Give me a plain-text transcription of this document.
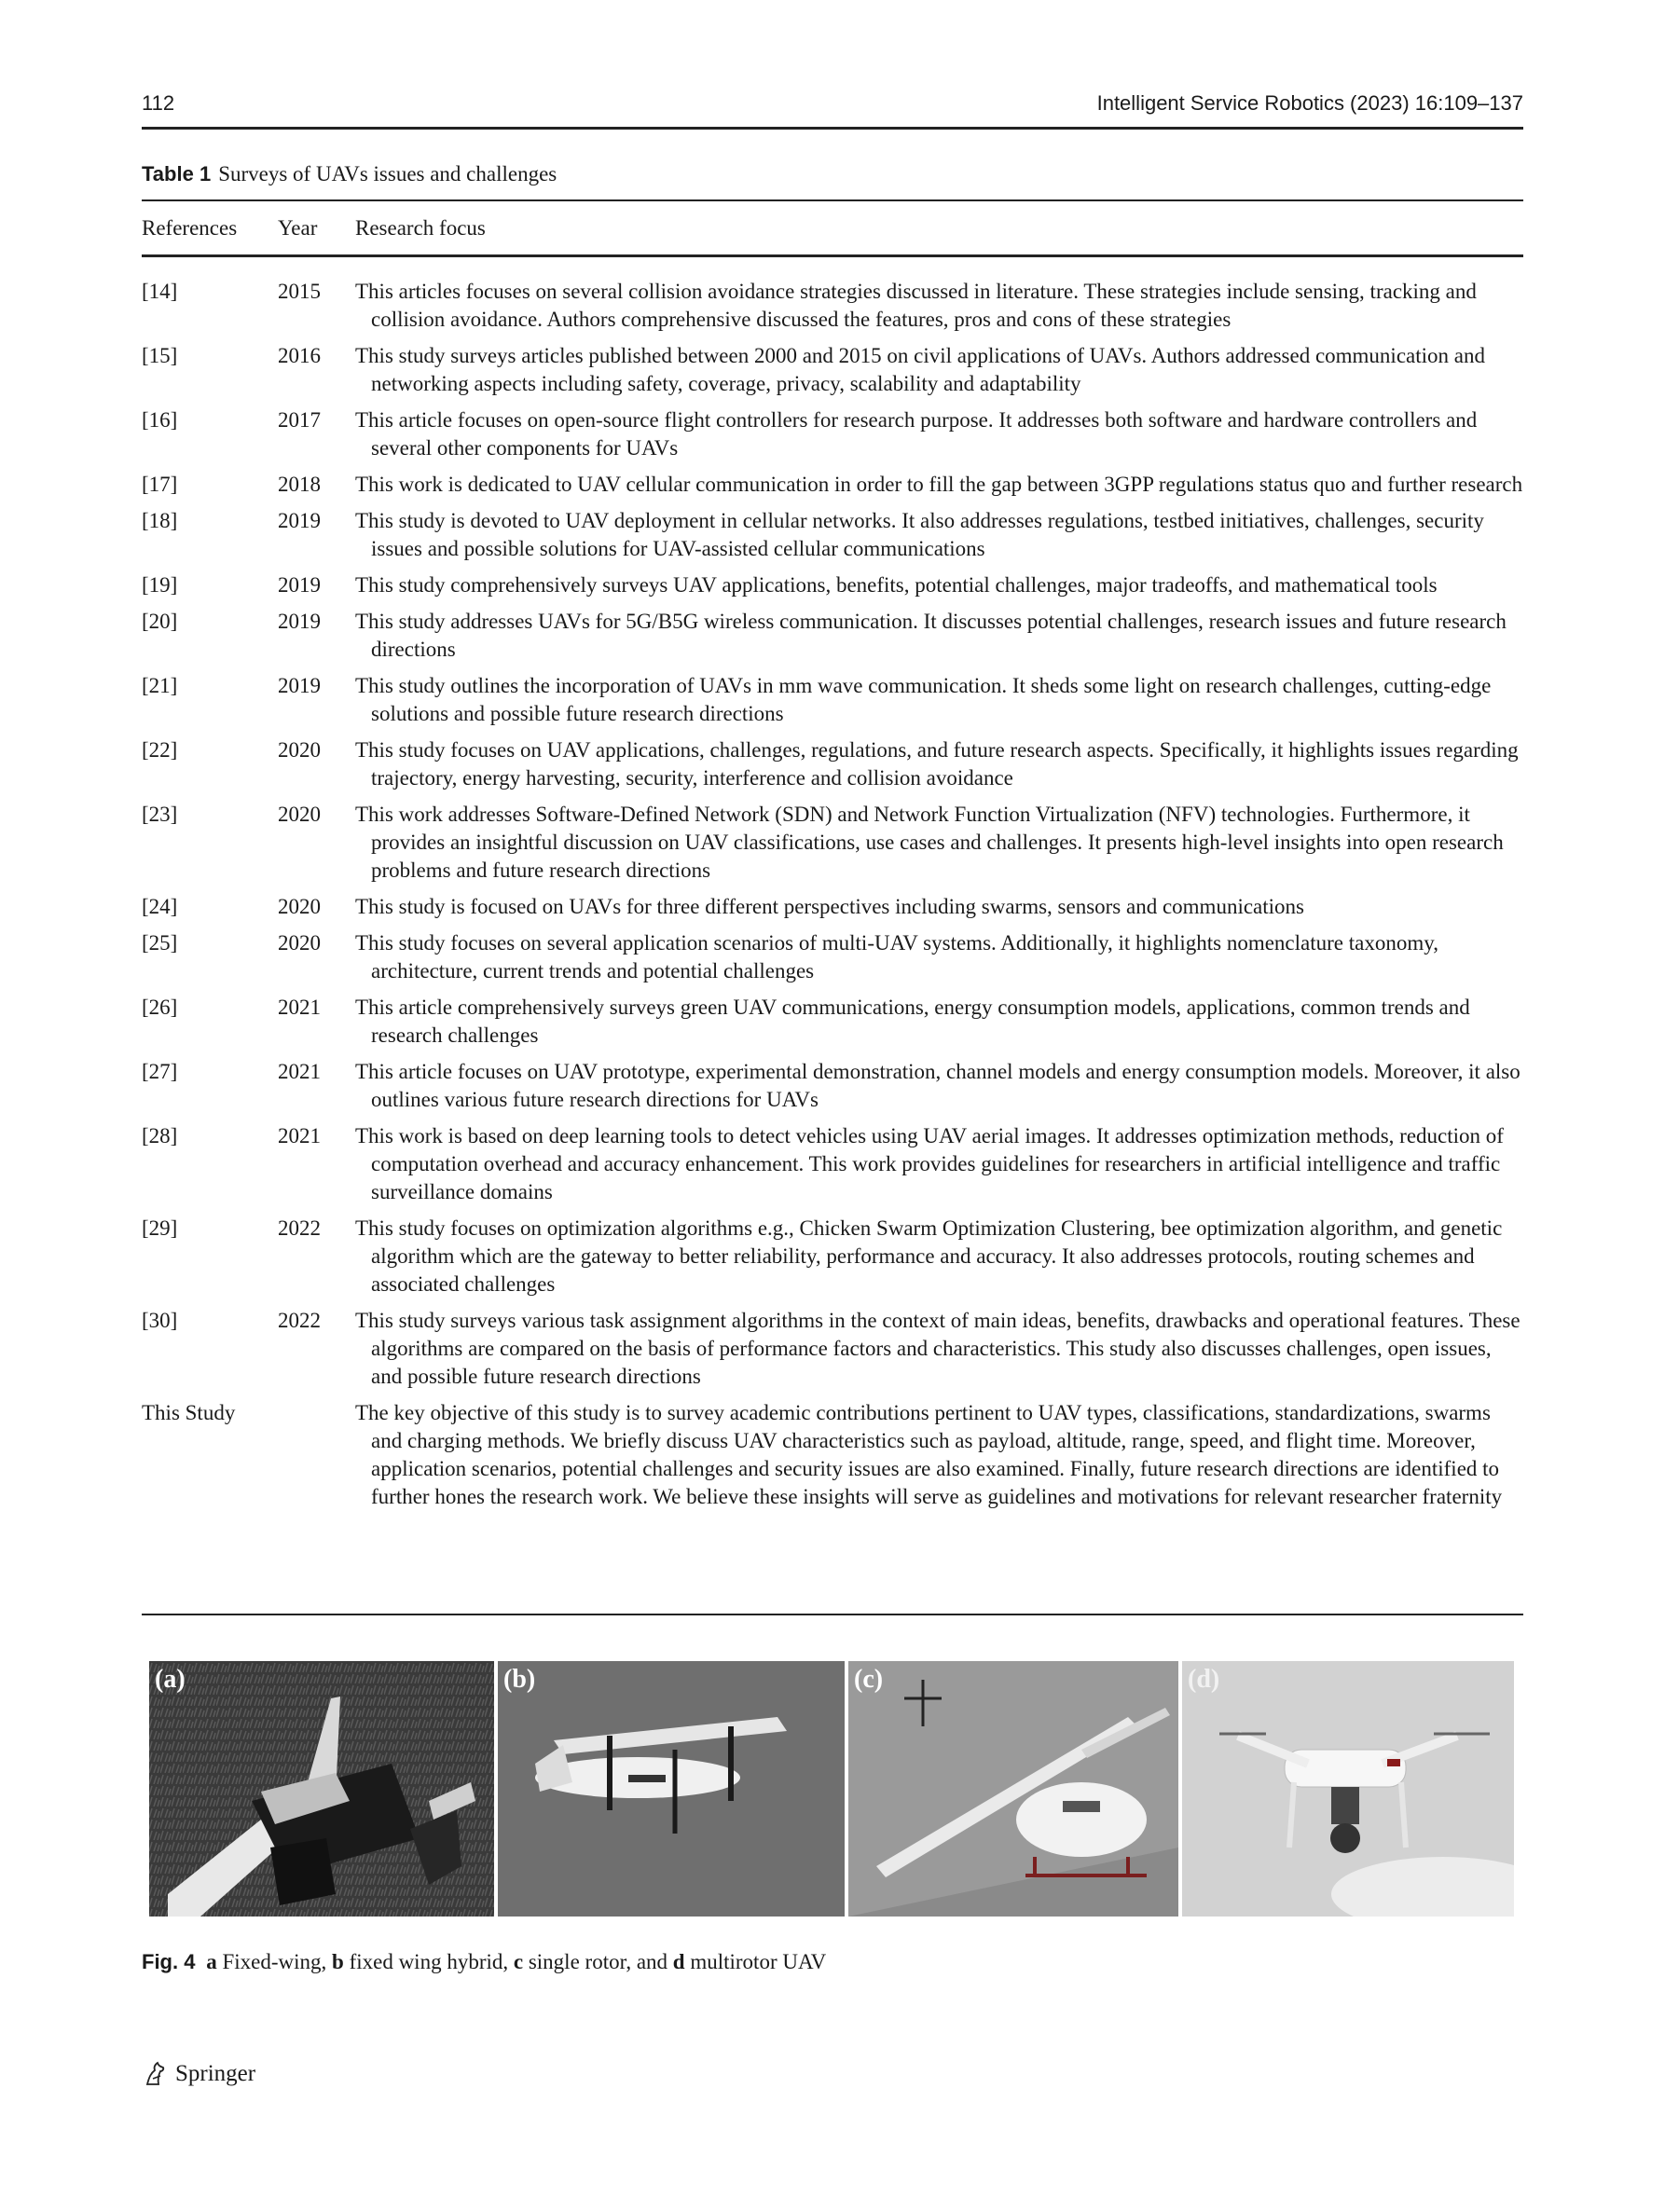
112	Intelligent Service Robotics (2023) 16:109–137
Table 1 Surveys of UAVs issues and challenges
References Year Research focus
[14]	2015 This articles focuses on several collision avoidance strategies discussed in literature. These strategies include sensing, tracking and collision avoidance. Authors comprehensive discussed the features, pros and cons of these strategies
[15]	2016 This study surveys articles published between 2000 and 2015 on civil applications of UAVs. Authors addressed communication and networking aspects including safety, coverage, privacy, scalability and adaptability
[16]	2017 This article focuses on open-source flight controllers for research purpose. It addresses both software and hardware controllers and several other components for UAVs
[17]	2018 This work is dedicated to UAV cellular communication in order to fill the gap between 3GPP regulations status quo and further research
[18]	2019 This study is devoted to UAV deployment in cellular networks. It also addresses regulations, testbed initiatives, challenges, security issues and possible solutions for UAV-assisted cellular communications
[19]	2019 This study comprehensively surveys UAV applications, benefits, potential challenges, major tradeoffs, and mathematical tools
[20]	2019 This study addresses UAVs for 5G/B5G wireless communication. It discusses potential challenges, research issues and future research directions
[21]	2019 This study outlines the incorporation of UAVs in mm wave communication. It sheds some light on research challenges, cutting-edge solutions and possible future research directions
[22]	2020 This study focuses on UAV applications, challenges, regulations, and future research aspects. Specifically, it highlights issues regarding trajectory, energy harvesting, security, interference and collision avoidance
[23]	2020 This work addresses Software-Defined Network (SDN) and Network Function Virtualization (NFV) technologies. Furthermore, it provides an insightful discussion on UAV classifications, use cases and challenges. It presents high-level insights into open research problems and future research directions
[24]	2020 This study is focused on UAVs for three different perspectives including swarms, sensors and communications
[25]	2020 This study focuses on several application scenarios of multi-UAV systems. Additionally, it highlights nomenclature taxonomy, architecture, current trends and potential challenges
[26]	2021 This article comprehensively surveys green UAV communications, energy consumption models, applications, common trends and research challenges
[27]	2021 This article focuses on UAV prototype, experimental demonstration, channel models and energy consumption models. Moreover, it also outlines various future research directions for UAVs
[28]	2021 This work is based on deep learning tools to detect vehicles using UAV aerial images. It addresses optimization methods, reduction of computation overhead and accuracy enhancement. This work provides guidelines for researchers in artificial intelligence and traffic surveillance domains
[29]	2022 This study focuses on optimization algorithms e.g., Chicken Swarm Optimization Clustering, bee optimization algorithm, and genetic algorithm which are the gateway to better reliability, performance and accuracy. It also addresses protocols, routing schemes and associated challenges
[30]	2022 This study surveys various task assignment algorithms in the context of main ideas, benefits, drawbacks and operational features. These algorithms are compared on the basis of performance factors and characteristics. This study also discusses challenges, open issues, and possible future research directions
This Study	The key objective of this study is to survey academic contributions pertinent to UAV types, classifications, standardizations, swarms and charging methods. We briefly discuss UAV characteristics such as payload, altitude, range, speed, and flight time. Moreover, application scenarios, potential challenges and security issues are also examined. Finally, future research directions are identified to further hones the research work. We believe these insights will serve as guidelines and motivations for relevant researcher fraternity
(a)	(b)	(c)	(d)
Fig. 4 a Fixed-wing, b fixed wing hybrid, c single rotor, and d multirotor UAV
Springer
